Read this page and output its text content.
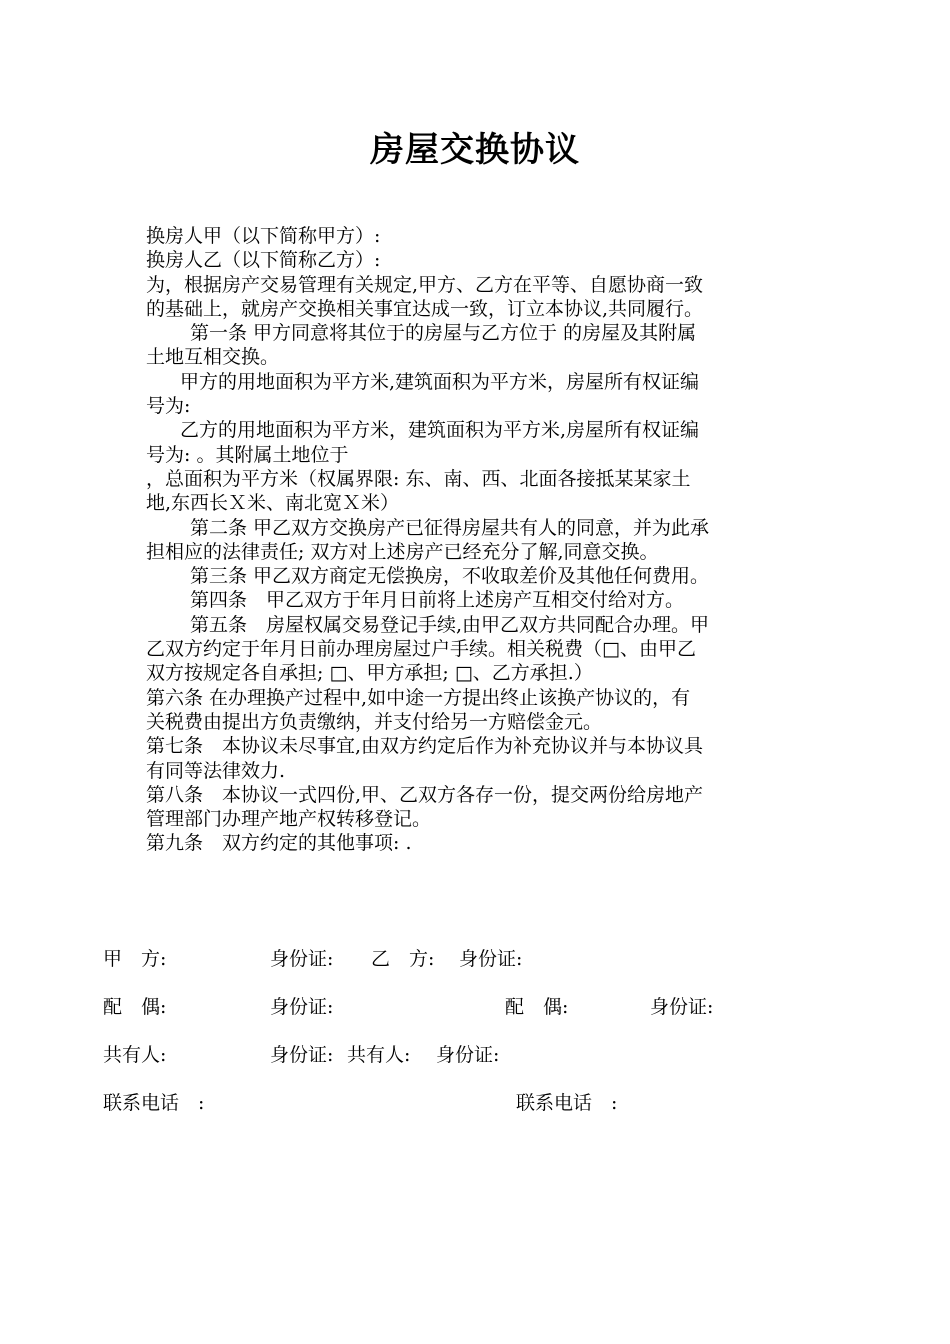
房屋交换协议
换房人甲（以下简称甲方）:
换房人乙（以下简称乙方）:
为，根据房产交易管理有关规定,甲方、乙方在平等、自愿协商一致
的基础上，就房产交换相关事宜达成一致，订立本协议,共同履行。
第一条 甲方同意将其位于的房屋与乙方位于 的房屋及其附属
土地互相交换。
甲方的用地面积为平方米,建筑面积为平方米，房屋所有权证编
号为:
乙方的用地面积为平方米，建筑面积为平方米,房屋所有权证编
号为: 。其附属土地位于
，总面积为平方米（权属界限: 东、南、西、北面各接抵某某家土
地,东西长Ｘ米、南北宽Ｘ米）
第二条 甲乙双方交换房产已征得房屋共有人的同意，并为此承
担相应的法律责任; 双方对上述房产已经充分了解,同意交换。
第三条 甲乙双方商定无偿换房，不收取差价及其他任何费用。
第四条　甲乙双方于年月日前将上述房产互相交付给对方。
第五条　房屋权属交易登记手续,由甲乙双方共同配合办理。甲
乙双方约定于年月日前办理房屋过户手续。相关税费（□、由甲乙
双方按规定各自承担; □、甲方承担; □、乙方承担.）
第六条 在办理换产过程中,如中途一方提出终止该换产协议的，有
关税费由提出方负责缴纳，并支付给另一方赔偿金元。
第七条　本协议未尽事宜,由双方约定后作为补充协议并与本协议具
有同等法律效力.
第八条　本协议一式四份,甲、乙双方各存一份，提交两份给房地产
管理部门办理产地产权转移登记。
第九条　双方约定的其他事项: .
甲　方:	身份证: 乙　方: 身份证:
配　偶:	身份证:	配　偶:	身份证:
共有人:	身份证: 共有人: 身份证:
联系电话　:	联系电话　:
